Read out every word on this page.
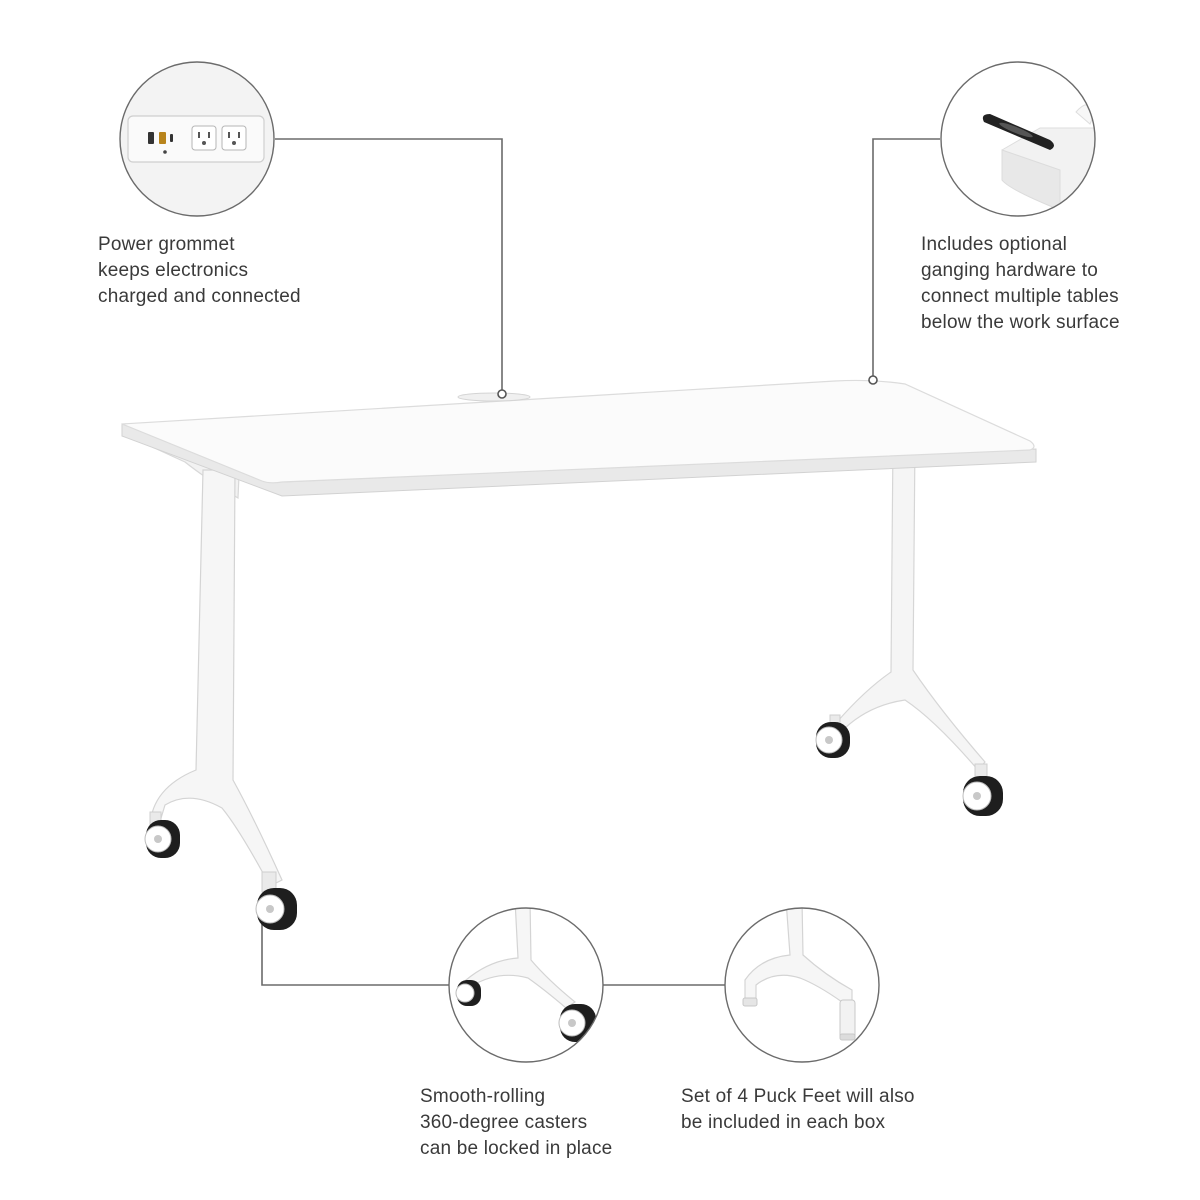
Power grommet
keeps electronics
charged and connected

Includes optional
ganging hardware to
connect multiple tables
below the work surface

Smooth-rolling
360-degree casters
can be locked in place

Set of 4 Puck Feet will also
be included in each box
